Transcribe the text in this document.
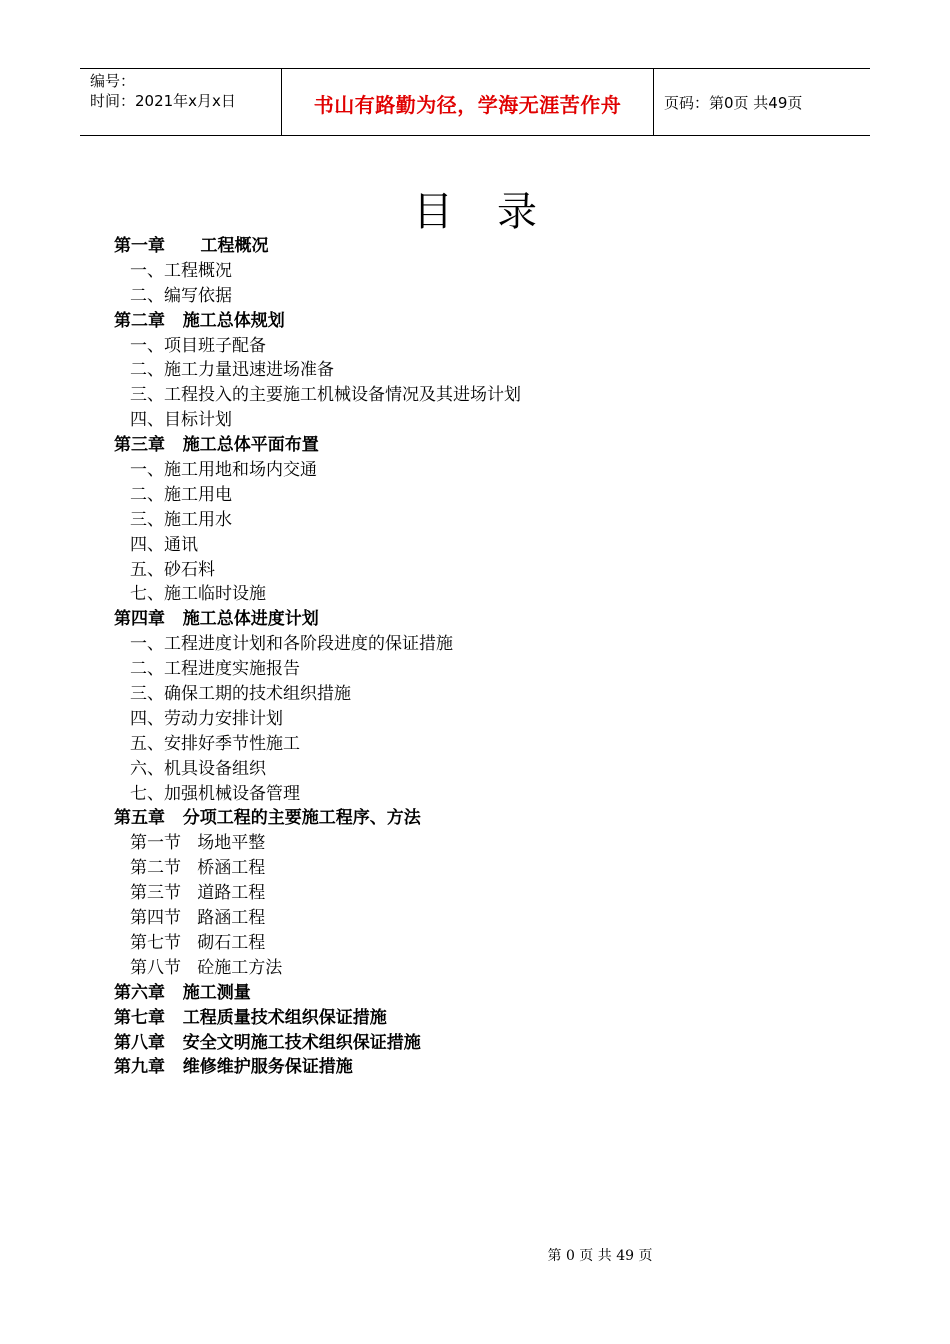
编号：
时间：2021年x月x日	书山有路勤为径，学海无涯苦作舟	页码：第0页 共49页
目录
第一章      工程概况
一、工程概况
二、编写依据
第二章   施工总体规划
一、项目班子配备
二、施工力量迅速进场准备
三、工程投入的主要施工机械设备情况及其进场计划
四、目标计划
第三章   施工总体平面布置
一、施工用地和场内交通
二、施工用电
三、施工用水
四、通讯
五、砂石料
七、施工临时设施
第四章   施工总体进度计划
一、工程进度计划和各阶段进度的保证措施
二、工程进度实施报告
三、确保工期的技术组织措施
四、劳动力安排计划
五、安排好季节性施工
六、机具设备组织
七、加强机械设备管理
第五章   分项工程的主要施工程序、方法
第一节   场地平整
第二节   桥涵工程
第三节   道路工程
第四节   路涵工程
第七节   砌石工程
第八节   砼施工方法
第六章   施工测量
第七章   工程质量技术组织保证措施
第八章   安全文明施工技术组织保证措施
第九章   维修维护服务保证措施
第 0 页 共 49 页
